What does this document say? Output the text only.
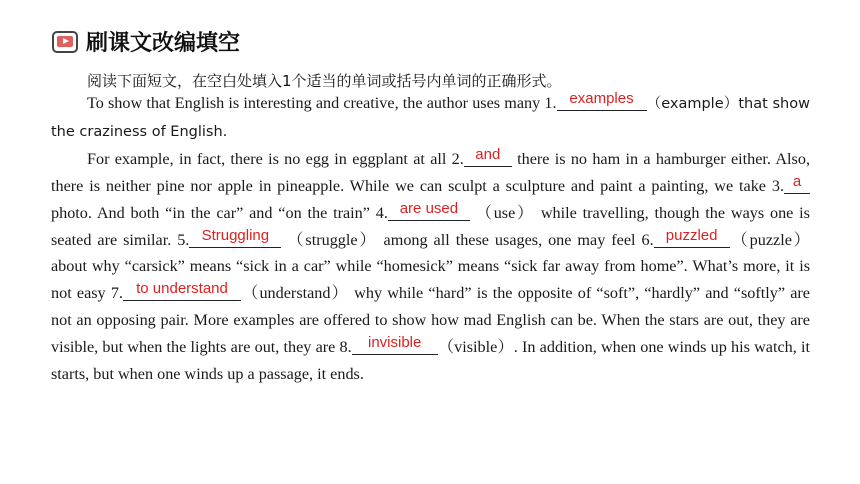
刷课文改编填空
阅读下面短文，在空白处填入1个适当的单词或括号内单词的正确形式。

To show that English is interesting and creative, the author uses many 1. examples （example）that show the craziness of English.

For example, in fact, there is no egg in eggplant at all 2. and there is no ham in a hamburger either. Also, there is neither pine nor apple in pineapple. While we can sculpt a sculpture and paint a painting, we take 3. a
photo. And both “in the car” and “on the train” 4. are used （use） while travelling, though the ways one is seated are similar. 5. Struggling （struggle） among all these usages, one may feel 6. puzzled （puzzle）about why “carsick” means “sick in a car” while “homesick” means “sick far away from home”. What’s more, it is not easy 7. to understand （understand） why while “hard” is the opposite of “soft”, “hardly” and “softly” are not an opposing pair. More examples are offered to show how mad English can be. When the stars are out, they are visible, but when the lights are out, they are 8.	invisible	（visible）. In addition, when one winds up his watch, it starts, but when one winds up a passage, it ends.
